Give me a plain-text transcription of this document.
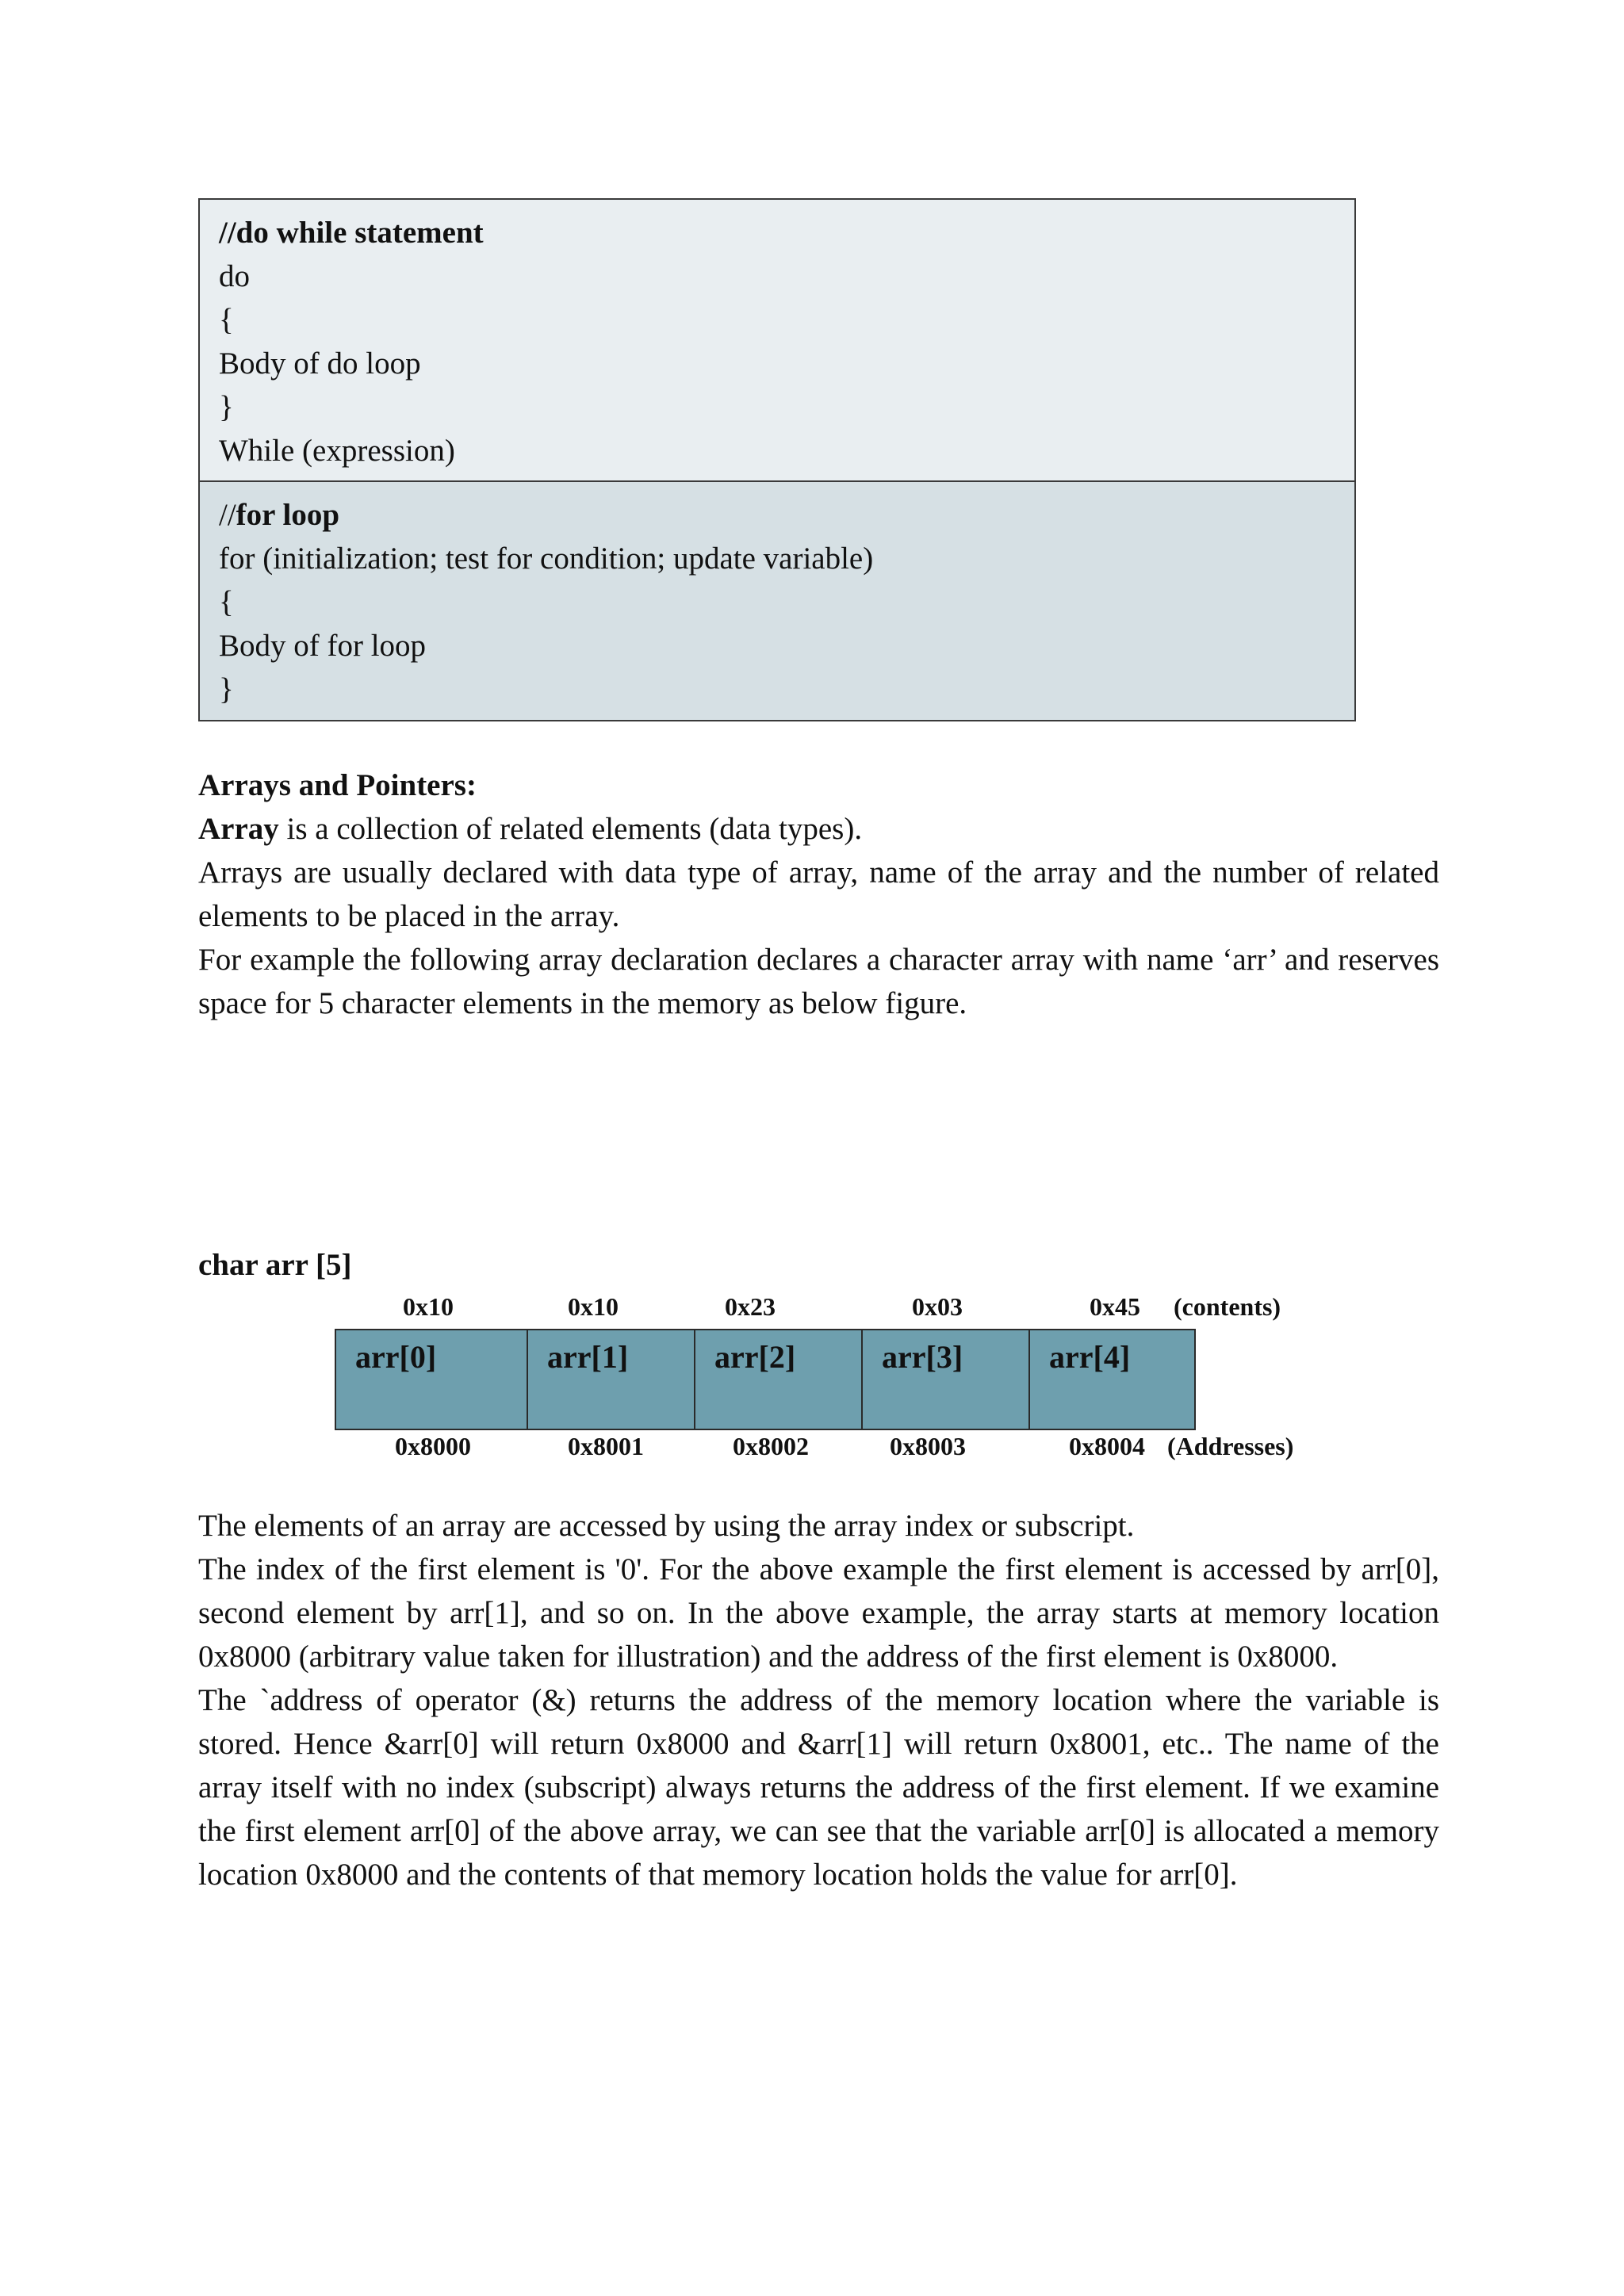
//do while statement
do
{
Body of do loop
}
While (expression)
//for loop
for (initialization; test for condition; update variable)
{
Body of for loop
}

Arrays and Pointers:

Array is a collection of related elements (data types).

Arrays are usually declared with data type of array, name of the array and the number of related elements to be placed in the array.

For example the following array declaration declares a character array with name ‘arr’ and reserves space for 5 character elements in the memory as below figure.

char arr [5]
0x10	0x10	0x23	0x03	0x45 (contents)
arr[0]	arr[1]	arr[2]	arr[3]	arr[4]
0x8000	0x8001	0x8002	0x8003	0x8004 (Addresses)

The elements of an array are accessed by using the array index or subscript.

The index of the first element is '0'. For the above example the first element is accessed by arr[0], second element by arr[1], and so on. In the above example, the array starts at memory location 0x8000 (arbitrary value taken for illustration) and the address of the first element is 0x8000.

The `address of operator (&) returns the address of the memory location where the variable is stored. Hence &arr[0] will return 0x8000 and &arr[1] will return 0x8001, etc.. The name of the array itself with no index (subscript) always returns the address of the first element. If we examine the first element arr[0] of the above array, we can see that the variable arr[0] is allocated a memory location 0x8000 and the contents of that memory location holds the value for arr[0].
